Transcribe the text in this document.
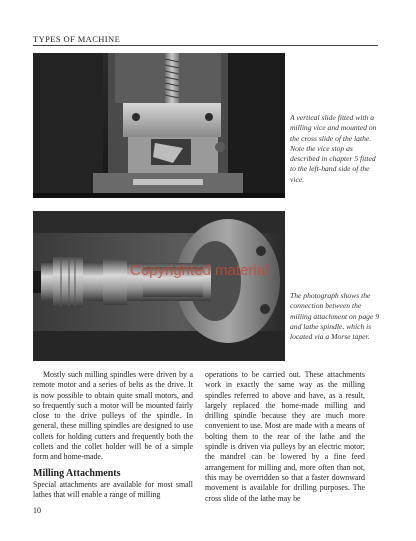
TYPES OF MACHINE
A vertical slide fitted with a milling vice and mounted on the cross slide of the lathe. Note the vice stop as described in chapter 5 fitted to the left-hand side of the vice.
The photograph shows the connection between the milling attachment on page 9 and lathe spindle, which is located via a Morse taper.
Copyrighted material

Mostly such milling spindles were driven by a remote motor and a series of belts as the drive. It is now possible to obtain quite small motors, and so frequently such a motor will be mounted fairly close to the drive pulleys of the spindle. In general, these milling spindles are designed to use collets for holding cutters and frequently both the collets and the collet holder will be of a simple form and home-made.

Milling Attachments

Special attachments are available for most small lathes that will enable a range of milling

operations to be carried out. These attachments work in exactly the same way as the milling spindles referred to above and have, as a result, largely replaced the home-made milling and drilling spindle because they are much more convenient to use. Most are made with a means of bolting them to the rear of the lathe and the spindle is driven via pulleys by an electric motor; the mandrel can be lowered by a fine feed arrangement for milling and, more often than not, this may be overridden so that a faster downward movement is available for drilling purposes. The cross slide of the lathe may be

10
